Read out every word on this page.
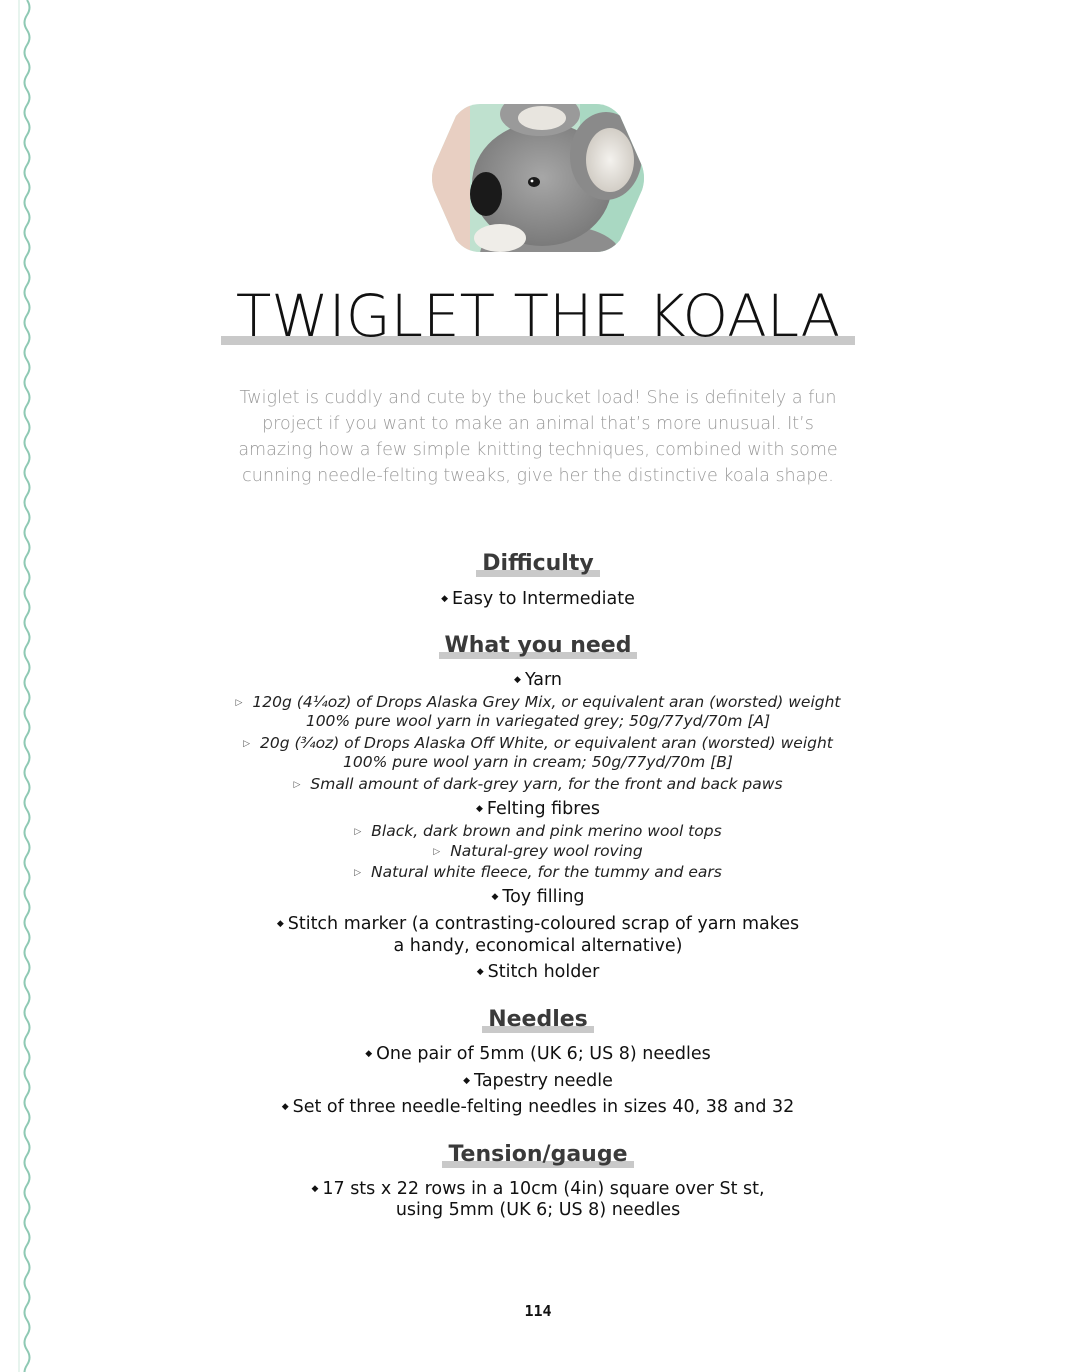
TWIGLET THE KOALA
Twiglet is cuddly and cute by the bucket load! She is definitely a fun project if you want to make an animal that’s more unusual. It’s amazing how a few simple knitting techniques, combined with some cunning needle-felting tweaks, give her the distinctive koala shape.
Difficulty
◆ Easy to Intermediate
What you need
◆ Yarn
▷ 120g (4¼oz) of Drops Alaska Grey Mix, or equivalent aran (worsted) weight
100% pure wool yarn in variegated grey; 50g/77yd/70m [A]
▷ 20g (¾oz) of Drops Alaska Off White, or equivalent aran (worsted) weight
100% pure wool yarn in cream; 50g/77yd/70m [B]
▷ Small amount of dark-grey yarn, for the front and back paws
◆ Felting fibres
▷ Black, dark brown and pink merino wool tops
▷ Natural-grey wool roving
▷ Natural white fleece, for the tummy and ears
◆ Toy filling
◆ Stitch marker (a contrasting-coloured scrap of yarn makes
a handy, economical alternative)
◆ Stitch holder
Needles
◆ One pair of 5mm (UK 6; US 8) needles
◆ Tapestry needle
◆ Set of three needle-felting needles in sizes 40, 38 and 32
Tension/gauge
◆ 17 sts x 22 rows in a 10cm (4in) square over St st,
using 5mm (UK 6; US 8) needles
114
